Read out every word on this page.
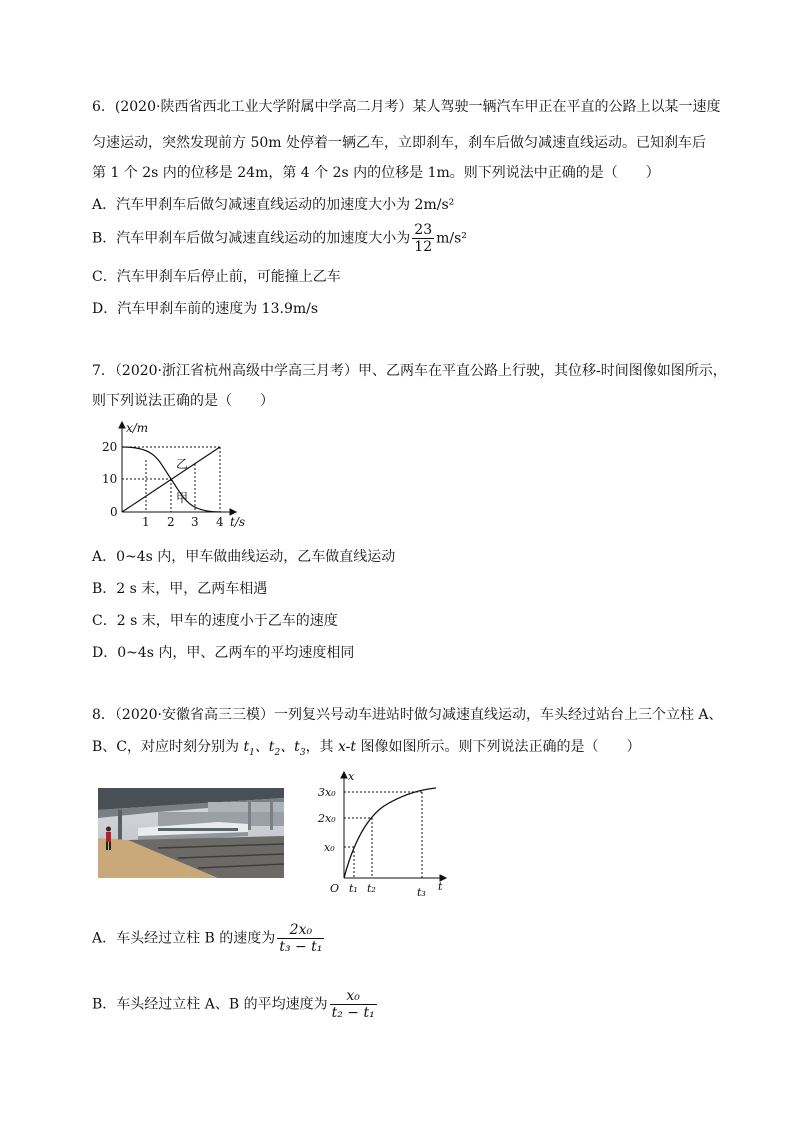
6．(2020·陕西省西北工业大学附属中学高二月考）某人驾驶一辆汽车甲正在平直的公路上以某一速度
匀速运动，突然发现前方 50m 处停着一辆乙车，立即刹车，刹车后做匀减速直线运动。已知刹车后
第 1 个 2s 内的位移是 24m，第 4 个 2s 内的位移是 1m。则下列说法中正确的是（　　）
A．汽车甲刹车后做匀减速直线运动的加速度大小为 2m/s²
B．汽车甲刹车后做匀减速直线运动的加速度大小为 $\frac{23}{12} m/s^2$
C．汽车甲刹车后停止前，可能撞上乙车
D．汽车甲刹车前的速度为 13.9m/s
7．（2020·浙江省杭州高级中学高三月考）甲、乙两车在平直公路上行驶，其位移-时间图像如图所示，
则下列说法正确的是（　　）
x/m
20
10
0
1 2 3 4 t/s
乙
甲
A．0~4s 内，甲车做曲线运动，乙车做直线运动
B．2 s 末，甲，乙两车相遇
C．2 s 末，甲车的速度小于乙车的速度
D．0~4s 内，甲、乙两车的平均速度相同
8．（2020·安徽省高三三模）一列复兴号动车进站时做匀减速直线运动，车头经过站台上三个立柱 A、
B、C，对应时刻分别为 $t_1$、$t_2$、$t_3$，其 x-t 图像如图所示。则下列说法正确的是（　　）
x
3x₀
2x₀
x₀
O t₁ t₂	t₃ t
A．车头经过立柱 B 的速度为 $\frac{\text{2x₀}}{\text{t₃ − t₁}}$
B．车头经过立柱 A、B 的平均速度为 $\frac{\text{x₀}}{\text{t₂ − t₁}}$
